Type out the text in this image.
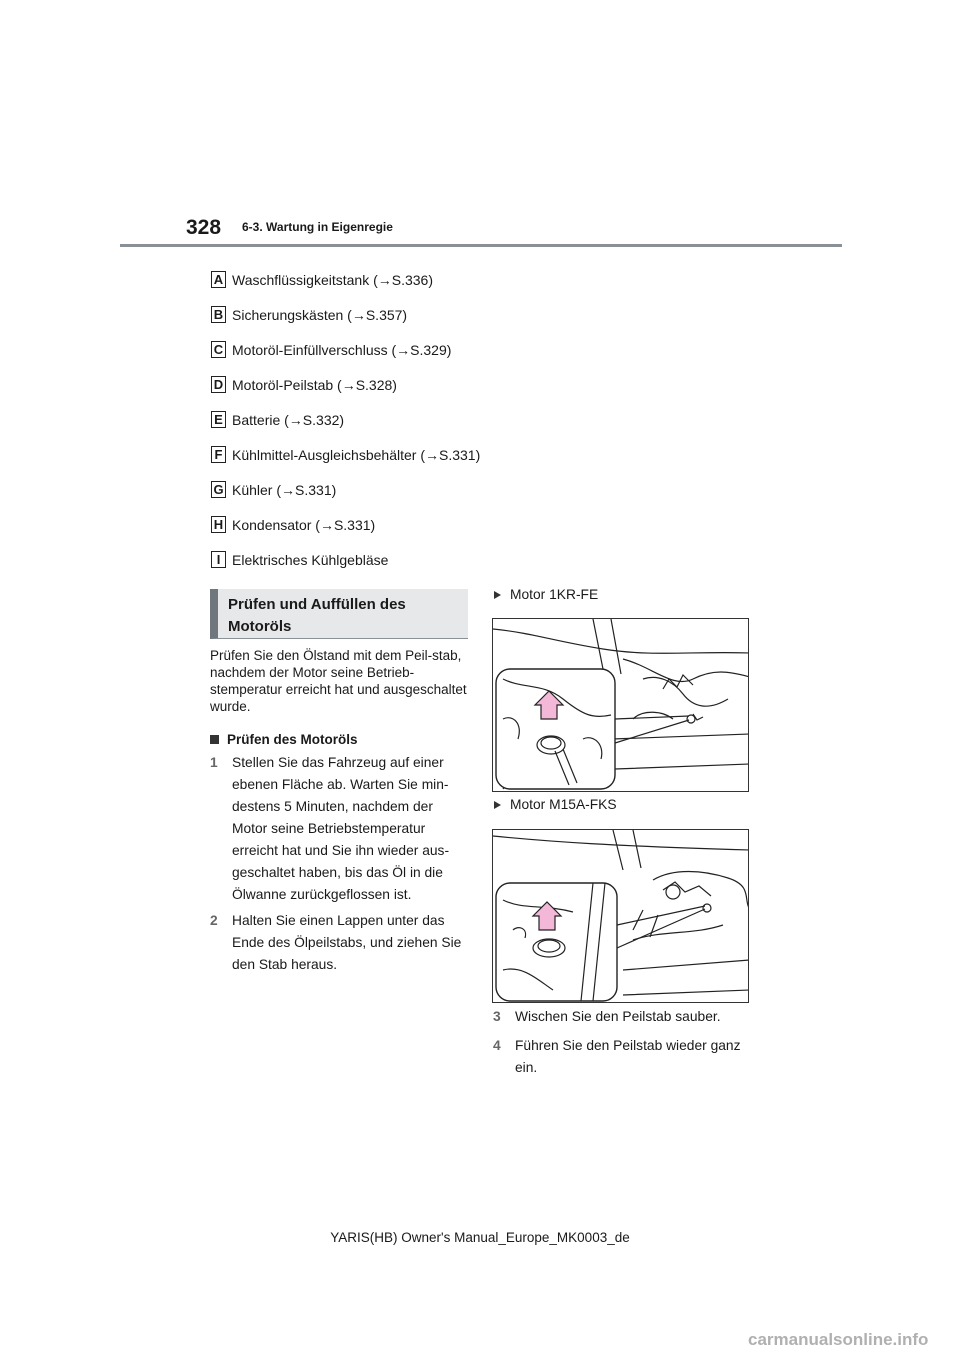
328 6-3. Wartung in Eigenregie
A Waschflüssigkeitstank (→S.336)
B Sicherungskästen (→S.357)
C Motoröl-Einfüllverschluss (→S.329)
D Motoröl-Peilstab (→S.328)
E Batterie (→S.332)
F Kühlmittel-Ausgleichsbehälter (→S.331)
G Kühler (→S.331)
H Kondensator (→S.331)
I Elektrisches Kühlgebläse
Prüfen und Auffüllen des Motoröls
Prüfen Sie den Ölstand mit dem Peil-stab, nachdem der Motor seine Betrieb-stemperatur erreicht hat und ausgeschaltet wurde.
Prüfen des Motoröls
1 Stellen Sie das Fahrzeug auf einer ebenen Fläche ab. Warten Sie min-destens 5 Minuten, nachdem der Motor seine Betriebstemperatur erreicht hat und Sie ihn wieder aus-geschaltet haben, bis das Öl in die Ölwanne zurückgeflossen ist.
2 Halten Sie einen Lappen unter das Ende des Ölpeilstabs, und ziehen Sie den Stab heraus.
Motor 1KR-FE
Motor M15A-FKS
3 Wischen Sie den Peilstab sauber.
4 Führen Sie den Peilstab wieder ganz ein.
YARIS(HB) Owner's Manual_Europe_MK0003_de
carmanualsonline.info
